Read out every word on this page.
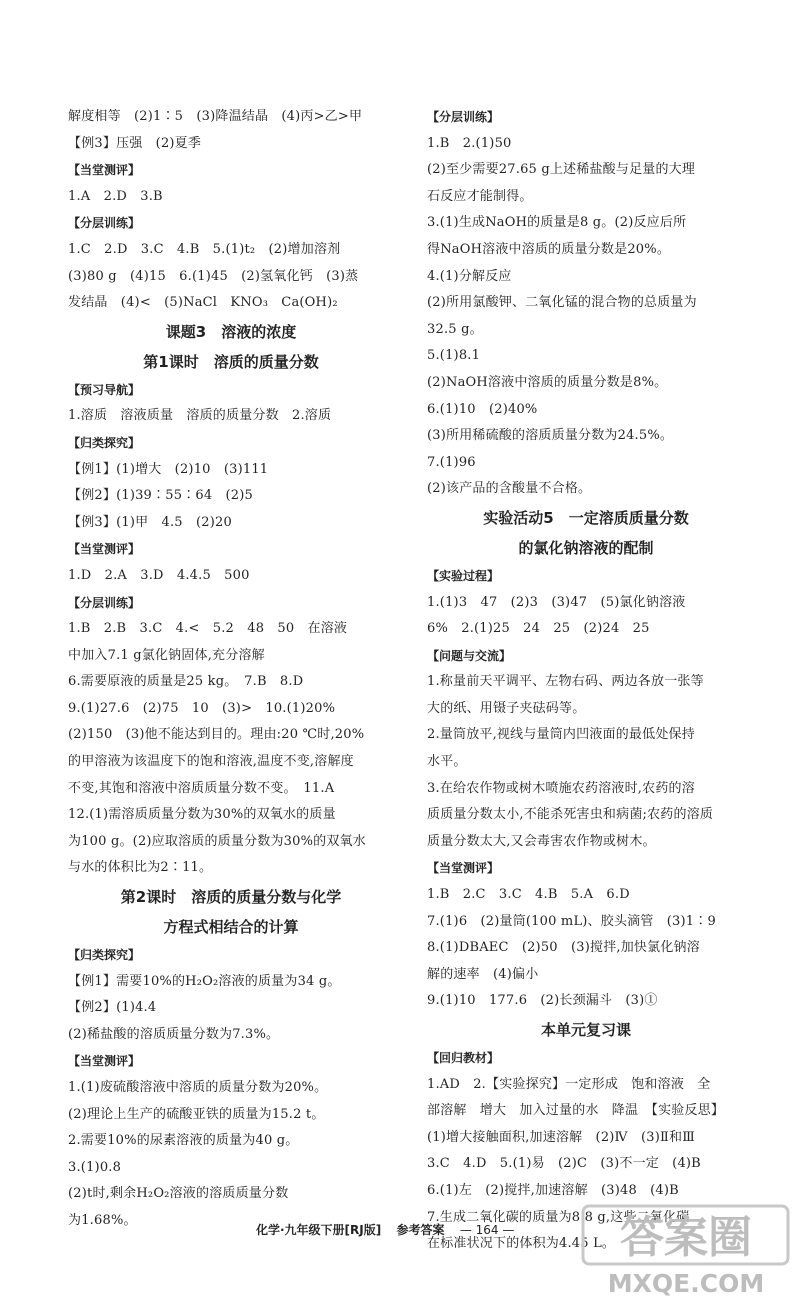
解度相等　(2)1∶5　(3)降温结晶　(4)丙>乙>甲
【例3】压强　(2)夏季
【当堂测评】
1.A　2.D　3.B
【分层训练】
1.C　2.D　3.C　4.B　5.(1)t₂　(2)增加溶剂
(3)80 g　(4)15　6.(1)45　(2)氢氧化钙　(3)蒸
发结晶　(4)<　(5)NaCl　KNO₃　Ca(OH)₂
课题3　溶液的浓度
第1课时　溶质的质量分数
【预习导航】
1.溶质　溶液质量　溶质的质量分数　2.溶质
【归类探究】
【例1】(1)增大　(2)10　(3)111
【例2】(1)39∶55∶64　(2)5
【例3】(1)甲　4.5　(2)20
【当堂测评】
1.D　2.A　3.D　4.4.5　500
【分层训练】
1.B　2.B　3.C　4.<　5.2　48　50　在溶液
中加入7.1 g氯化钠固体,充分溶解
6.需要原液的质量是25 kg。　7.B　8.D
9.(1)27.6　(2)75　10　(3)>　10.(1)20%
(2)150　(3)他不能达到目的。理由:20 ℃时,20%
的甲溶液为该温度下的饱和溶液,温度不变,溶解度
不变,其饱和溶液中溶质质量分数不变。　11.A
12.(1)需溶质质量分数为30%的双氧水的质量
为100 g。(2)应取溶质的质量分数为30%的双氧水
与水的体积比为2∶11。
第2课时　溶质的质量分数与化学
方程式相结合的计算
【归类探究】
【例1】需要10%的H₂O₂溶液的质量为34 g。
【例2】(1)4.4
(2)稀盐酸的溶质质量分数为7.3%。
【当堂测评】
1.(1)废硫酸溶液中溶质的质量分数为20%。
(2)理论上生产的硫酸亚铁的质量为15.2 t。
2.需要10%的尿素溶液的质量为40 g。
3.(1)0.8
(2)t时,剩余H₂O₂溶液的溶质质量分数
为1.68%。
【分层训练】
1.B　2.(1)50
(2)至少需要27.65 g上述稀盐酸与足量的大理
石反应才能制得。
3.(1)生成NaOH的质量是8 g。(2)反应后所
得NaOH溶液中溶质的质量分数是20%。
4.(1)分解反应
(2)所用氯酸钾、二氧化锰的混合物的总质量为
32.5 g。
5.(1)8.1
(2)NaOH溶液中溶质的质量分数是8%。
6.(1)10　(2)40%
(3)所用稀硫酸的溶质质量分数为24.5%。
7.(1)96
(2)该产品的含酸量不合格。
实验活动5　一定溶质质量分数
的氯化钠溶液的配制
【实验过程】
1.(1)3　47　(2)3　(3)47　(5)氯化钠溶液
6%　2.(1)25　24　25　(2)24　25
【问题与交流】
1.称量前天平调平、左物右码、两边各放一张等
大的纸、用镊子夹砝码等。
2.量筒放平,视线与量筒内凹液面的最低处保持
水平。
3.在给农作物或树木喷施农药溶液时,农药的溶
质质量分数太小,不能杀死害虫和病菌;农药的溶质
质量分数太大,又会毒害农作物或树木。
【当堂测评】
1.B　2.C　3.C　4.B　5.A　6.D
7.(1)6　(2)量筒(100 mL)、胶头滴管　(3)1∶9
8.(1)DBAEC　(2)50　(3)搅拌,加快氯化钠溶
解的速率　(4)偏小
9.(1)10　177.6　(2)长颈漏斗　(3)①
本单元复习课
【回归教材】
1.AD　2.【实验探究】一定形成　饱和溶液　全
部溶解　增大　加入过量的水　降温　【实验反思】
(1)增大接触面积,加速溶解　(2)Ⅳ　(3)Ⅱ和Ⅲ
3.C　4.D　5.(1)易　(2)C　(3)不一定　(4)B
6.(1)左　(2)搅拌,加速溶解　(3)48　(4)B
7.生成二氧化碳的质量为8.8 g,这些二氧化碳
在标准状况下的体积为4.45 L。
化学·九年级下册[RJ版] 参考答案 — 164 —	答案圈
MXQE.COM
